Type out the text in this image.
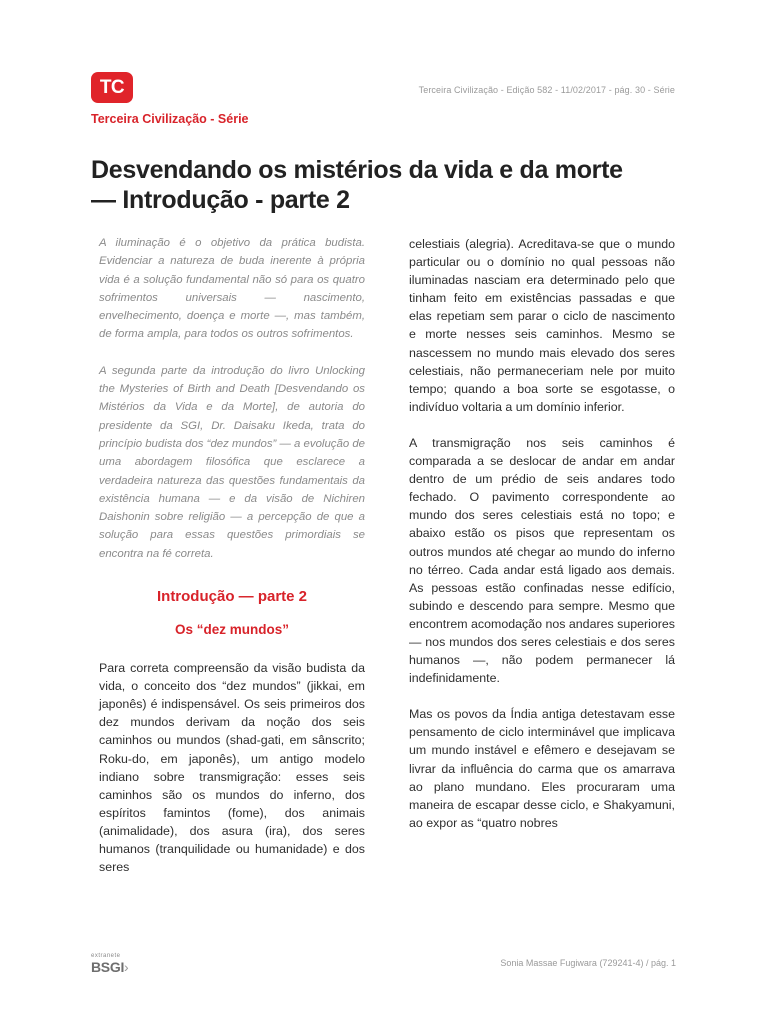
TC	Terceira Civilização - Edição 582 - 11/02/2017 - pág. 30 - Série
Terceira Civilização - Série
Desvendando os mistérios da vida e da morte — Introdução - parte 2

A iluminação é o objetivo da prática budista. Evidenciar a natureza de buda inerente à própria vida é a solução fundamental não só para os quatro sofrimentos universais — nascimento, envelhecimento, doença e morte —, mas também, de forma ampla, para todos os outros sofrimentos.

A segunda parte da introdução do livro Unlocking the Mysteries of Birth and Death [Desvendando os Mistérios da Vida e da Morte], de autoria do presidente da SGI, Dr. Daisaku Ikeda, trata do princípio budista dos “dez mundos” — a evolução de uma abordagem filosófica que esclarece a verdadeira natureza das questões fundamentais da existência humana — e da visão de Nichiren Daishonin sobre religião — a percepção de que a solução para essas questões primordiais se encontra na fé correta.

Introdução — parte 2
Os “dez mundos”

Para correta compreensão da visão budista da vida, o conceito dos “dez mundos” (jikkai, em japonês) é indispensável. Os seis primeiros dos dez mundos derivam da noção dos seis caminhos ou mundos (shad-gati, em sânscrito; Roku-do, em japonês), um antigo modelo indiano sobre transmigração: esses seis caminhos são os mundos do inferno, dos espíritos famintos (fome), dos animais (animalidade), dos asura (ira), dos seres humanos (tranquilidade ou humanidade) e dos seres

celestiais (alegria). Acreditava-se que o mundo particular ou o domínio no qual pessoas não iluminadas nasciam era determinado pelo que tinham feito em existências passadas e que elas repetiam sem parar o ciclo de nascimento e morte nesses seis caminhos. Mesmo se nascessem no mundo mais elevado dos seres celestiais, não permaneceriam nele por muito tempo; quando a boa sorte se esgotasse, o indivíduo voltaria a um domínio inferior.

A transmigração nos seis caminhos é comparada a se deslocar de andar em andar dentro de um prédio de seis andares todo fechado. O pavimento correspondente ao mundo dos seres celestiais está no topo; e abaixo estão os pisos que representam os outros mundos até chegar ao mundo do inferno no térreo. Cada andar está ligado aos demais. As pessoas estão confinadas nesse edifício, subindo e descendo para sempre. Mesmo que encontrem acomodação nos andares superiores — nos mundos dos seres celestiais e dos seres humanos —, não podem permanecer lá indefinidamente.

Mas os povos da Índia antiga detestavam esse pensamento de ciclo interminável que implicava um mundo instável e efêmero e desejavam se livrar da influência do carma que os amarrava ao plano mundano. Eles procuraram uma maneira de escapar desse ciclo, e Shakyamuni, ao expor as “quatro nobres

extranete
BSGI›	Sonia Massae Fugiwara (729241-4) / pág. 1
